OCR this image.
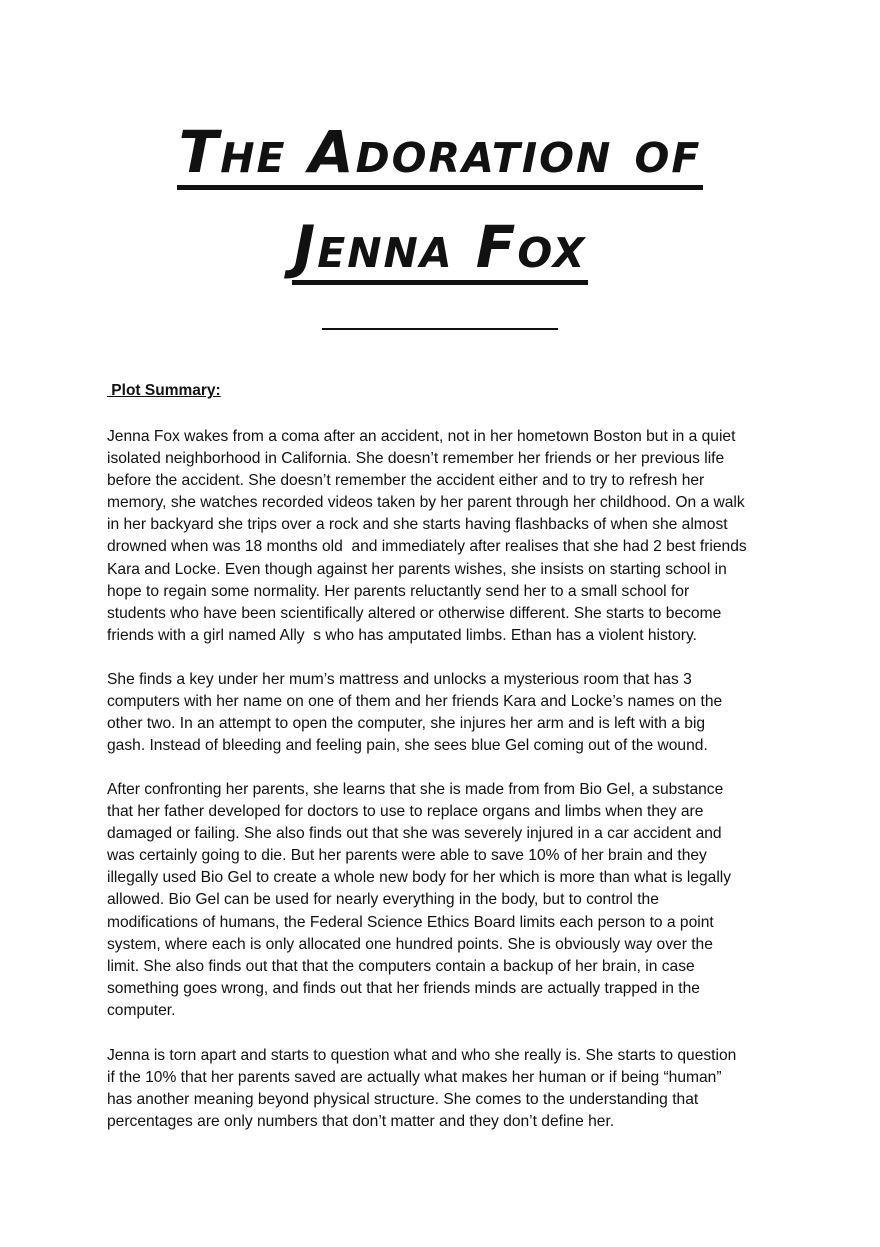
The Adoration of
Jenna Fox
Plot Summary:
Jenna Fox wakes from a coma after an accident, not in her hometown Boston but in a quiet
isolated neighborhood in California. She doesn’t remember her friends or her previous life
before the accident. She doesn’t remember the accident either and to try to refresh her
memory, she watches recorded videos taken by her parent through her childhood. On a walk
in her backyard she trips over a rock and she starts having flashbacks of when she almost
drowned when was 18 months old  and immediately after realises that she had 2 best friends
Kara and Locke. Even though against her parents wishes, she insists on starting school in
hope to regain some normality. Her parents reluctantly send her to a small school for
students who have been scientifically altered or otherwise different. She starts to become
friends with a girl named Ally  s who has amputated limbs. Ethan has a violent history.
She finds a key under her mum’s mattress and unlocks a mysterious room that has 3
computers with her name on one of them and her friends Kara and Locke’s names on the
other two. In an attempt to open the computer, she injures her arm and is left with a big
gash. Instead of bleeding and feeling pain, she sees blue Gel coming out of the wound.
After confronting her parents, she learns that she is made from from Bio Gel, a substance
that her father developed for doctors to use to replace organs and limbs when they are
damaged or failing. She also finds out that she was severely injured in a car accident and
was certainly going to die. But her parents were able to save 10% of her brain and they
illegally used Bio Gel to create a whole new body for her which is more than what is legally
allowed. Bio Gel can be used for nearly everything in the body, but to control the
modifications of humans, the Federal Science Ethics Board limits each person to a point
system, where each is only allocated one hundred points. She is obviously way over the
limit. She also finds out that that the computers contain a backup of her brain, in case
something goes wrong, and finds out that her friends minds are actually trapped in the
computer.
Jenna is torn apart and starts to question what and who she really is. She starts to question
if the 10% that her parents saved are actually what makes her human or if being “human”
has another meaning beyond physical structure. She comes to the understanding that
percentages are only numbers that don’t matter and they don’t define her.
